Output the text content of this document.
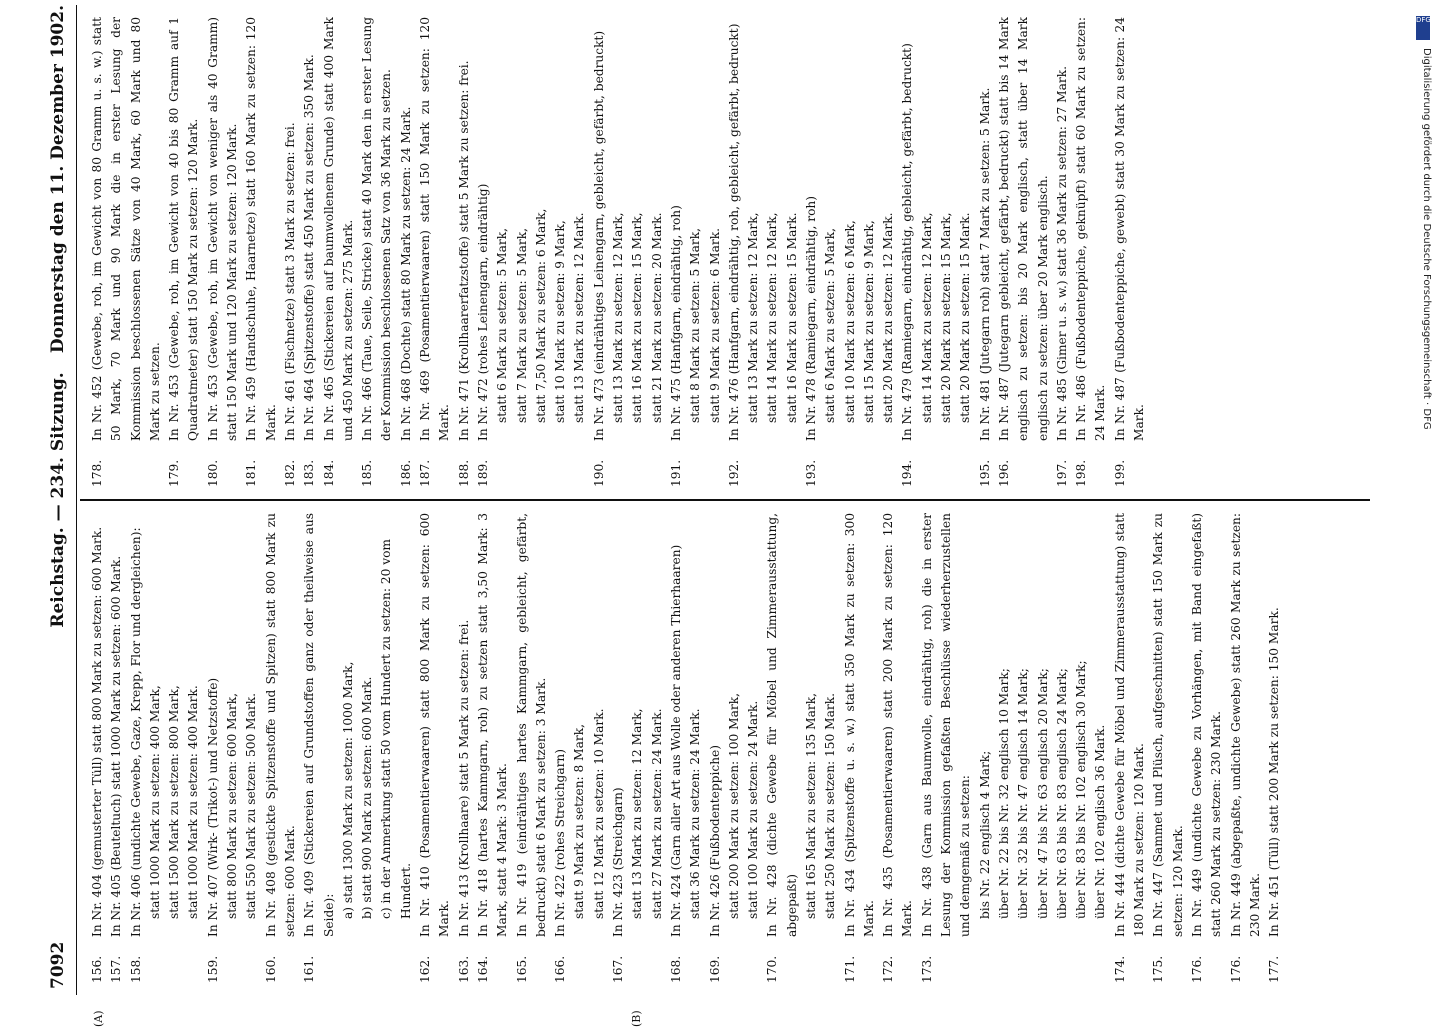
7092
Reichstag. — 234. Sitzung.
Donnerstag den 11. Dezember 1902.
(A)	(B)
156.
In Nr. 404 (gemusterter Tüll) statt 800 Mark zu setzen: 600 Mark.
157.
In Nr. 405 (Beuteltuch) statt 1000 Mark zu setzen: 600 Mark.
158.
In Nr. 406 (undichte Gewebe, Gaze, Krepp, Flor und dergleichen): statt 1000 Mark zu setzen: 400 Mark, statt 1500 Mark zu setzen: 800 Mark, statt 1000 Mark zu setzen: 400 Mark.
159.
In Nr. 407 (Wirk- (Trikot-) und Netzstoffe) statt 800 Mark zu setzen: 600 Mark, statt 550 Mark zu setzen: 500 Mark.
160.
In Nr. 408 (gestickte Spitzenstoffe und Spitzen) statt 800 Mark zu setzen: 600 Mark.
161.
In Nr. 409 (Stickereien auf Grundstoffen ganz oder theilweise aus Seide): a) statt 1300 Mark zu setzen: 1000 Mark, b) statt 900 Mark zu setzen: 600 Mark. c) in der Anmerkung statt 50 vom Hundert zu setzen: 20 vom Hundert.
162.
In Nr. 410 (Posamentierwaaren) statt 800 Mark zu setzen: 600 Mark.
163.
In Nr. 413 (Krollhaare) statt 5 Mark zu setzen: frei.
164.
In Nr. 418 (hartes Kammgarn, roh) zu setzen statt 3,50 Mark: 3 Mark, statt 4 Mark: 3 Mark.
165.
In Nr. 419 (eindrähtiges hartes Kammgarn, gebleicht, gefärbt, bedruckt) statt 6 Mark zu setzen: 3 Mark.
166.
In Nr. 422 (rohes Streichgarn) statt 9 Mark zu setzen: 8 Mark, statt 12 Mark zu setzen: 10 Mark.
167.
In Nr. 423 (Streichgarn) statt 13 Mark zu setzen: 12 Mark, statt 27 Mark zu setzen: 24 Mark.
168.
In Nr. 424 (Garn aller Art aus Wolle oder anderen Thierhaaren) statt 36 Mark zu setzen: 24 Mark.
169.
In Nr. 426 (Fußbodenteppiche) statt 200 Mark zu setzen: 100 Mark, statt 100 Mark zu setzen: 24 Mark.
170.
In Nr. 428 (dichte Gewebe für Möbel und Zimmerausstattung, abgepaßt) statt 165 Mark zu setzen: 135 Mark, statt 250 Mark zu setzen: 150 Mark.
171.
In Nr. 434 (Spitzenstoffe u. s. w.) statt 350 Mark zu setzen: 300 Mark.
172.
In Nr. 435 (Posamentierwaaren) statt 200 Mark zu setzen: 120 Mark.
173.
In Nr. 438 (Garn aus Baumwolle, eindrähtig, roh) die in erster Lesung der Kommission gefaßten Beschlüsse wiederherzustellen und demgemäß zu setzen: bis Nr. 22 englisch 4 Mark; über Nr. 22 bis Nr. 32 englisch 10 Mark; über Nr. 32 bis Nr. 47 englisch 14 Mark; über Nr. 47 bis Nr. 63 englisch 20 Mark; über Nr. 63 bis Nr. 83 englisch 24 Mark; über Nr. 83 bis Nr. 102 englisch 30 Mark; über Nr. 102 englisch 36 Mark.
174.
In Nr. 444 (dichte Gewebe für Möbel und Zimmerausstattung) statt 180 Mark zu setzen: 120 Mark.
175.
In Nr. 447 (Sammet und Plüsch, aufgeschnitten) statt 150 Mark zu setzen: 120 Mark.
176.
In Nr. 449 (undichte Gewebe zu Vorhängen, mit Band eingefaßt) statt 260 Mark zu setzen: 230 Mark.
176.
In Nr. 449 (abgepaßte, undichte Gewebe) statt 260 Mark zu setzen: 230 Mark.
177.
In Nr. 451 (Tüll) statt 200 Mark zu setzen: 150 Mark.
178.
In Nr. 452 (Gewebe, roh, im Gewicht von 80 Gramm u. s. w.) statt 50 Mark, 70 Mark und 90 Mark die in erster Lesung der Kommission beschlossenen Sätze von 40 Mark, 60 Mark und 80 Mark zu setzen.
179.
In Nr. 453 (Gewebe, roh, im Gewicht von 40 bis 80 Gramm auf 1 Quadratmeter) statt 150 Mark zu setzen: 120 Mark.
180.
In Nr. 453 (Gewebe, roh, im Gewicht von weniger als 40 Gramm) statt 150 Mark und 120 Mark zu setzen: 120 Mark.
181.
In Nr. 459 (Handschuhe, Haarnetze) statt 160 Mark zu setzen: 120 Mark.
182.
In Nr. 461 (Fischnetze) statt 3 Mark zu setzen: frei.
183.
In Nr. 464 (Spitzenstoffe) statt 450 Mark zu setzen: 350 Mark.
184.
In Nr. 465 (Stickereien auf baumwollenem Grunde) statt 400 Mark und 450 Mark zu setzen: 275 Mark.
185.
In Nr. 466 (Taue, Seile, Stricke) statt 40 Mark den in erster Lesung der Kommission beschlossenen Satz von 36 Mark zu setzen.
186.
In Nr. 468 (Dochte) statt 80 Mark zu setzen: 24 Mark.
187.
In Nr. 469 (Posamentierwaaren) statt 150 Mark zu setzen: 120 Mark.
188.
In Nr. 471 (Krollhaarerfatzstoffe) statt 5 Mark zu setzen: frei.
189.
In Nr. 472 (rohes Leinengarn, eindrähtig) statt 6 Mark zu setzen: 5 Mark, statt 7 Mark zu setzen: 5 Mark, statt 7,50 Mark zu setzen: 6 Mark, statt 10 Mark zu setzen: 9 Mark, statt 13 Mark zu setzen: 12 Mark.
190.
In Nr. 473 (eindrähtiges Leinengarn, gebleicht, gefärbt, bedruckt) statt 13 Mark zu setzen: 12 Mark, statt 16 Mark zu setzen: 15 Mark, statt 21 Mark zu setzen: 20 Mark.
191.
In Nr. 475 (Hanfgarn, eindrähtig, roh) statt 8 Mark zu setzen: 5 Mark, statt 9 Mark zu setzen: 6 Mark.
192.
In Nr. 476 (Hanfgarn, eindrähtig, roh, gebleicht, gefärbt, bedruckt) statt 13 Mark zu setzen: 12 Mark, statt 14 Mark zu setzen: 12 Mark, statt 16 Mark zu setzen: 15 Mark.
193.
In Nr. 478 (Ramiegarn, eindrähtig, roh) statt 6 Mark zu setzen: 5 Mark, statt 10 Mark zu setzen: 6 Mark, statt 15 Mark zu setzen: 9 Mark, statt 20 Mark zu setzen: 12 Mark.
194.
In Nr. 479 (Ramiegarn, eindrähtig, gebleicht, gefärbt, bedruckt) statt 14 Mark zu setzen: 12 Mark, statt 20 Mark zu setzen: 15 Mark, statt 20 Mark zu setzen: 15 Mark.
195.
In Nr. 481 (Jutegarn roh) statt 7 Mark zu setzen: 5 Mark.
196.
In Nr. 487 (Jutegarn gebleicht, gefärbt, bedruckt) statt bis 14 Mark englisch zu setzen: bis 20 Mark englisch, statt über 14 Mark englisch zu setzen: über 20 Mark englisch.
197.
In Nr. 485 (Gimer u. s. w.) statt 36 Mark zu setzen: 27 Mark.
198.
In Nr. 486 (Fußbodenteppiche, geknüpft) statt 60 Mark zu setzen: 24 Mark.
199.
In Nr. 487 (Fußbodenteppiche, gewebt) statt 30 Mark zu setzen: 24 Mark.
DFG
Digitalisierung gefördert durch die Deutsche Forschungsgemeinschaft · DFG
